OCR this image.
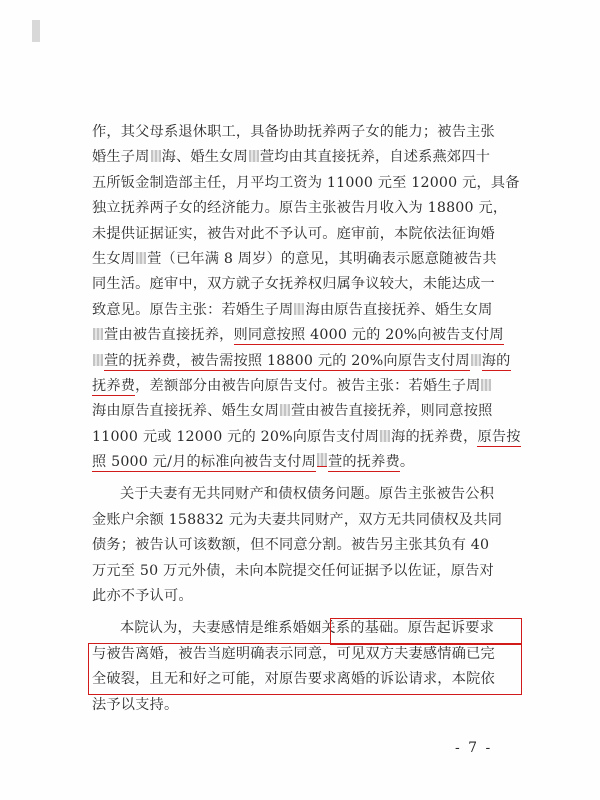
作，其父母系退休职工，具备协助抚养两子女的能力；被告主张
婚生子周 海、婚生女周 萱均由其直接抚养，自述系燕郊四十
五所钣金制造部主任，月平均工资为 11000 元至 12000 元，具备
独立抚养两子女的经济能力。原告主张被告月收入为 18800 元，
未提供证据证实，被告对此不予认可。庭审前，本院依法征询婚
生女周 萱（已年满 8 周岁）的意见，其明确表示愿意随被告共
同生活。庭审中，双方就子女抚养权归属争议较大，未能达成一
致意见。原告主张：若婚生子周 海由原告直接抚养、婚生女周
萱由被告直接抚养，则同意按照 4000 元的 20%向被告支付周
萱的抚养费，被告需按照 18800 元的 20%向原告支付周 海的
抚养费，差额部分由被告向原告支付。被告主张：若婚生子周
海由原告直接抚养、婚生女周 萱由被告直接抚养，则同意按照
11000 元或 12000 元的 20%向原告支付周 海的抚养费，原告按
照 5000 元/月的标准向被告支付周 萱的抚养费。
关于夫妻有无共同财产和债权债务问题。原告主张被告公积
金账户余额 158832 元为夫妻共同财产，双方无共同债权及共同
债务；被告认可该数额，但不同意分割。被告另主张其负有 40
万元至 50 万元外债，未向本院提交任何证据予以佐证，原告对
此亦不予认可。
本院认为，夫妻感情是维系婚姻关系的基础。原告起诉要求
与被告离婚，被告当庭明确表示同意，可见双方夫妻感情确已完
全破裂，且无和好之可能，对原告要求离婚的诉讼请求，本院依
法予以支持。
- 7 -
